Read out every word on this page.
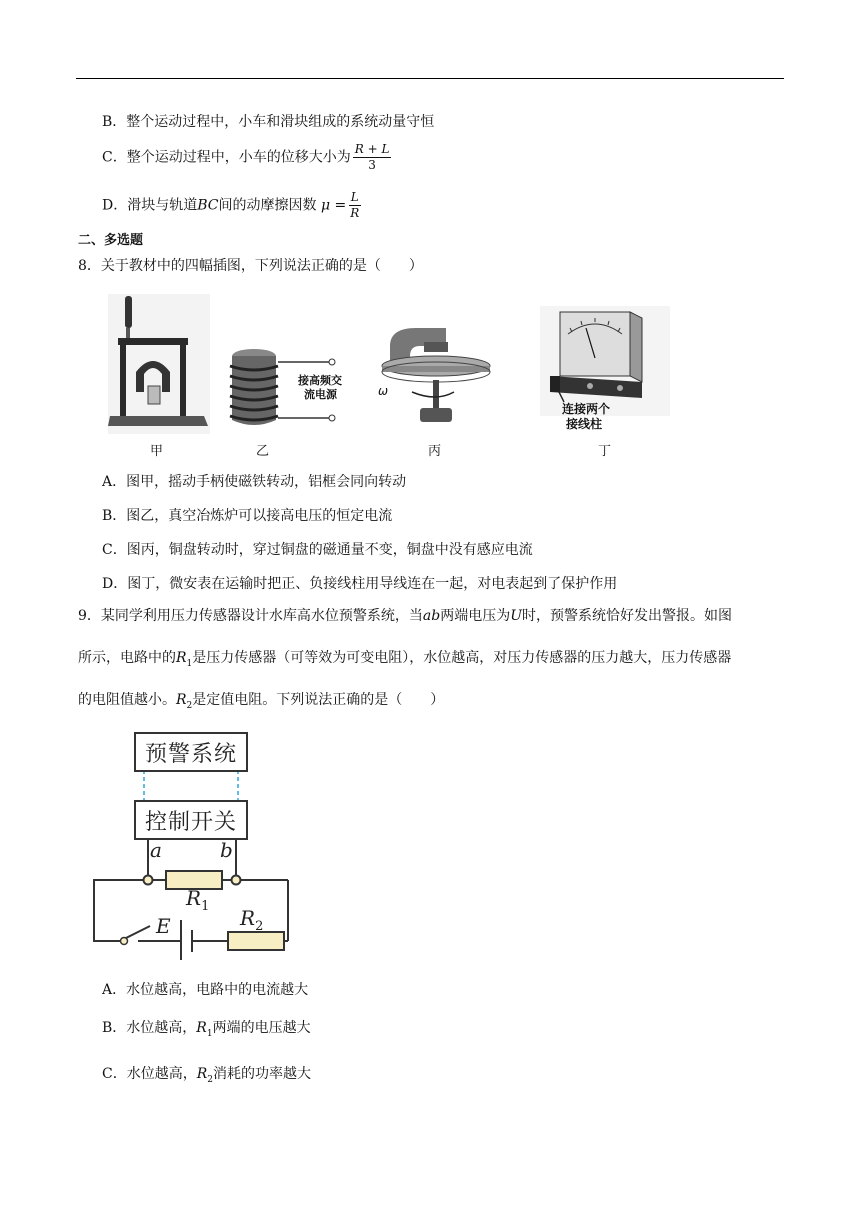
B．整个运动过程中，小车和滑块组成的系统动量守恒
C．整个运动过程中，小车的位移大小为 $\frac{R + L}{3}$
D．滑块与轨道BC间的动摩擦因数 $\mu = \frac{L}{R}$
二、多选题
8．关于教材中的四幅插图，下列说法正确的是（　　）
甲
接高频交
流电源
乙
ω
丙
连接两个
接线柱
丁
A．图甲，摇动手柄使磁铁转动，铝框会同向转动
B．图乙，真空冶炼炉可以接高电压的恒定电流
C．图丙，铜盘转动时，穿过铜盘的磁通量不变，铜盘中没有感应电流
D．图丁，微安表在运输时把正、负接线柱用导线连在一起，对电表起到了保护作用
9．某同学利用压力传感器设计水库高水位预警系统，当ab两端电压为U时，预警系统恰好发出警报。如图
所示，电路中的$R_1$是压力传感器（可等效为可变电阻），水位越高，对压力传感器的压力越大，压力传感器
的电阻值越小。$R_2$是定值电阻。下列说法正确的是（　　）
预警系统
控制开关
a	b
$R_1$ $R_2$
E
A．水位越高，电路中的电流越大
B．水位越高，$R_1$两端的电压越大
C．水位越高，$R_2$消耗的功率越大
